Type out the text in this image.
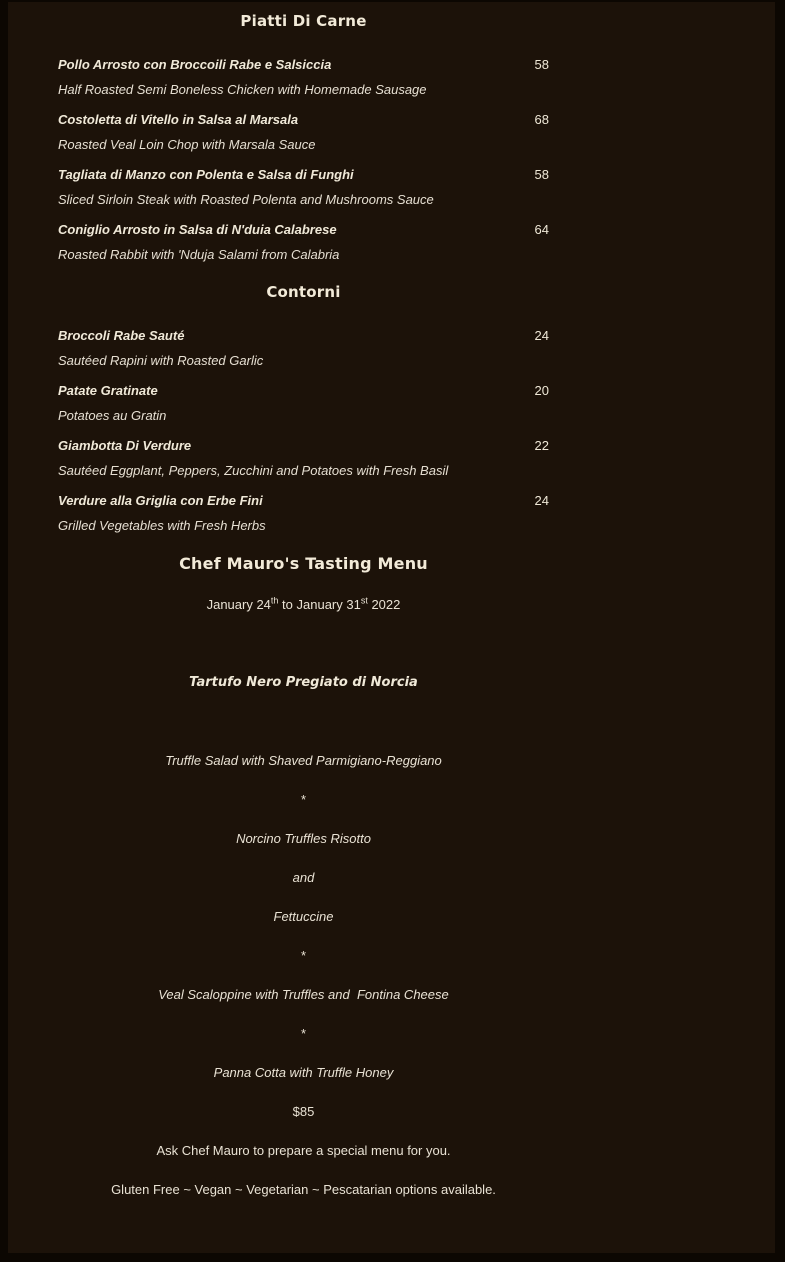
Piatti Di Carne
Pollo Arrosto con Broccoili Rabe e Salsiccia	58
Half Roasted Semi Boneless Chicken with Homemade Sausage
Costoletta di Vitello in Salsa al Marsala	68
Roasted Veal Loin Chop with Marsala Sauce
Tagliata di Manzo con Polenta e Salsa di Funghi	58
Sliced Sirloin Steak with Roasted Polenta and Mushrooms Sauce
Coniglio Arrosto in Salsa di N'duia Calabrese	64
Roasted Rabbit with 'Nduja Salami from Calabria
Contorni
Broccoli Rabe Sauté	24
Sautéed Rapini with Roasted Garlic
Patate Gratinate	20
Potatoes au Gratin
Giambotta Di Verdure	22
Sautéed Eggplant, Peppers, Zucchini and Potatoes with Fresh Basil
Verdure alla Griglia con Erbe Fini	24
Grilled Vegetables with Fresh Herbs
Chef Mauro's Tasting Menu

January 24th to January 31st 2022

Tartufo Nero Pregiato di Norcia

Truffle Salad with Shaved Parmigiano-Reggiano

*

Norcino Truffles Risotto

and

Fettuccine

*

Veal Scaloppine with Truffles and  Fontina Cheese

*

Panna Cotta with Truffle Honey

$85

Ask Chef Mauro to prepare a special menu for you.

Gluten Free ~ Vegan ~ Vegetarian ~ Pescatarian options available.
